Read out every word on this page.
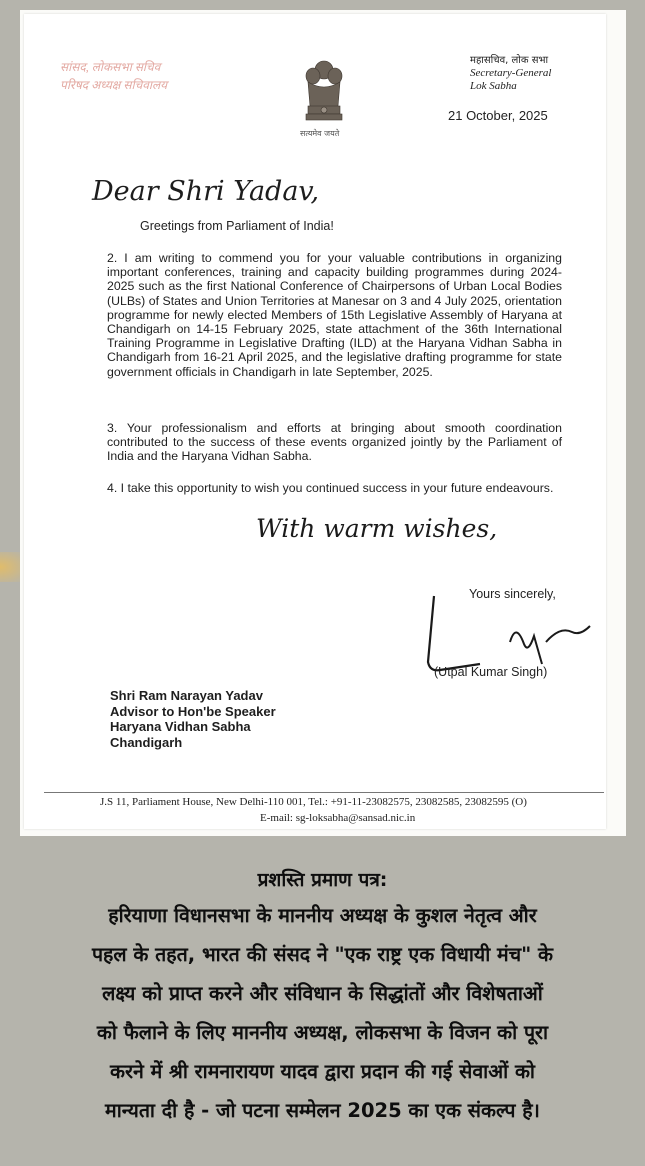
सांसद, लोकसभा सचिव
परिषद अध्यक्ष सचिवालय
सत्यमेव जयते
महासचिव, लोक सभा
Secretary-General
Lok Sabha
21 October, 2025
Dear Shri Yadav,
Greetings from Parliament of India!
2. I am writing to commend you for your valuable contributions in organizing important conferences, training and capacity building programmes during 2024-2025 such as the first National Conference of Chairpersons of Urban Local Bodies (ULBs) of States and Union Territories at Manesar on 3 and 4 July 2025, orientation programme for newly elected Members of 15th Legislative Assembly of Haryana at Chandigarh on 14-15 February 2025, state attachment of the 36th International Training Programme in Legislative Drafting (ILD) at the Haryana Vidhan Sabha in Chandigarh from 16-21 April 2025, and the legislative drafting programme for state government officials in Chandigarh in late September, 2025.
3. Your professionalism and efforts at bringing about smooth coordination contributed to the success of these events organized jointly by the Parliament of India and the Haryana Vidhan Sabha.
4. I take this opportunity to wish you continued success in your future endeavours.
With warm wishes,
Yours sincerely,
(Utpal Kumar Singh)
Shri Ram Narayan Yadav
Advisor to Hon'be Speaker
Haryana Vidhan Sabha
Chandigarh
J.S 11, Parliament House, New Delhi-110 001, Tel.: +91-11-23082575, 23082585, 23082595 (O)
E-mail: sg-loksabha@sansad.nic.in
प्रशस्ति प्रमाण पत्र:
हरियाणा विधानसभा के माननीय अध्यक्ष के कुशल नेतृत्व और
पहल के तहत, भारत की संसद ने "एक राष्ट्र एक विधायी मंच" के
लक्ष्य को प्राप्त करने और संविधान के सिद्धांतों और विशेषताओं
को फैलाने के लिए माननीय अध्यक्ष, लोकसभा के विजन को पूरा
करने में श्री रामनारायण यादव द्वारा प्रदान की गई सेवाओं को
मान्यता दी है - जो पटना सम्मेलन 2025 का एक संकल्प है।
